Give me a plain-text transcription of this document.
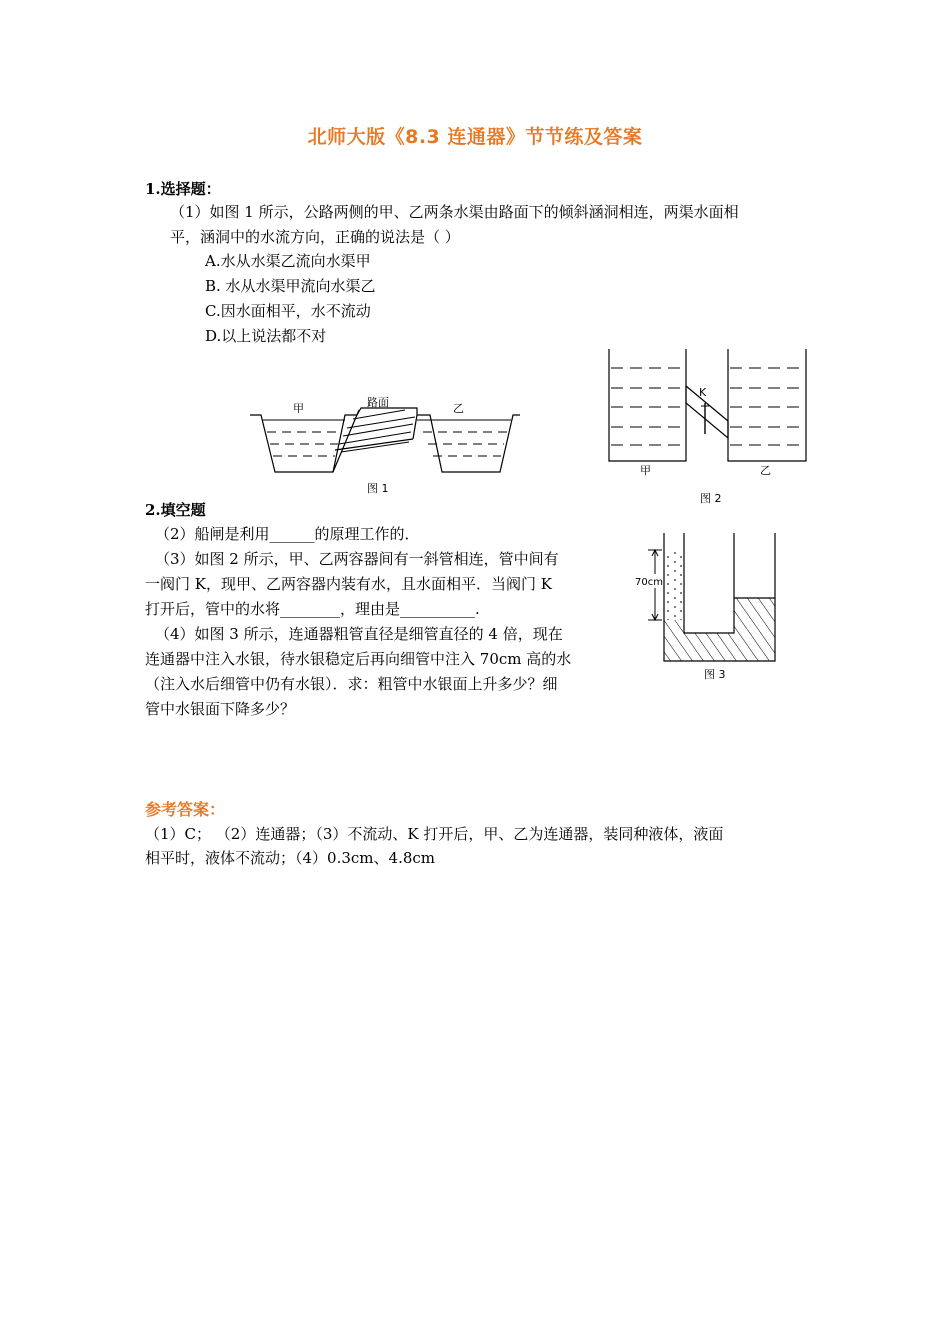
北师大版《8.3 连通器》节节练及答案
1.选择题：
（1）如图 1 所示，公路两侧的甲、乙两条水渠由路面下的倾斜涵洞相连，两渠水面相
平，涵洞中的水流方向，正确的说法是（ ）
A.水从水渠乙流向水渠甲
B. 水从水渠甲流向水渠乙
C.因水面相平，水不流动
D.以上说法都不对
甲	路面	乙
图 1
K
甲	乙
图 2
2.填空题
（2）船闸是利用______的原理工作的．
（3）如图 2 所示，甲、乙两容器间有一斜管相连，管中间有
一阀门 K，现甲、乙两容器内装有水，且水面相平．当阀门 K
打开后，管中的水将________，理由是__________.
（4）如图 3 所示，连通器粗管直径是细管直径的 4 倍，现在
连通器中注入水银，待水银稳定后再向细管中注入 70cm 高的水
（注入水后细管中仍有水银）．求：粗管中水银面上升多少？细
管中水银面下降多少？
70cm
图 3
参考答案：
（1）C； （2）连通器；（3）不流动、K 打开后，甲、乙为连通器，装同种液体，液面
相平时，液体不流动；（4）0.3cm、4.8cm
